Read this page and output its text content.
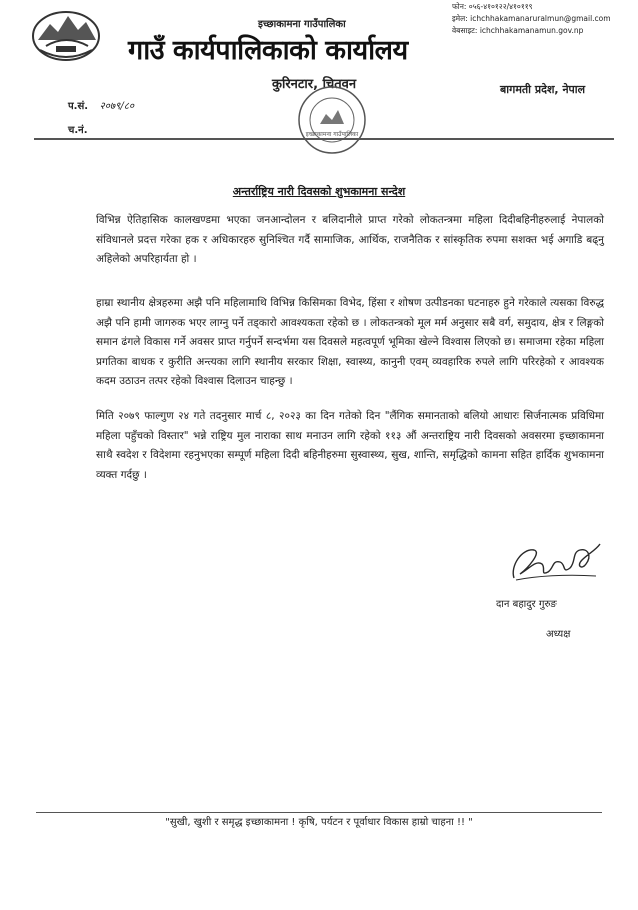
इच्छाकामना गाउँपालिका
गाउँ कार्यपालिकाको कार्यालय
कुरिनटार, चितवन	बागमती प्रदेश, नेपाल
फोन: ०५६-४१०१२२/४१०११९
इमेल: ichchhakamanaruralmun@gmail.com
वेबसाइट: ichchhakamanamun.gov.np
इच्छाकामना गाउँपालिका
प.सं. २०७९/८०
च.नं.
अन्तर्राष्ट्रिय नारी दिवसको शुभकामना सन्देश
विभिन्न ऐतिहासिक कालखण्डमा भएका जनआन्दोलन र बलिदानीले प्राप्त गरेको लोकतन्त्रमा महिला दिदीबहिनीहरुलाई नेपालको संविधानले प्रदत्त गरेका हक र अधिकारहरु सुनिश्चित गर्दै सामाजिक, आर्थिक, राजनैतिक र सांस्कृतिक रुपमा सशक्त भई अगाडि बढ्नु अहिलेको अपरिहार्यता हो ।
हाम्रा स्थानीय क्षेत्रहरुमा अझै पनि महिलामाथि विभिन्न किसिमका विभेद, हिंसा र शोषण उत्पीडनका घटनाहरु हुने गरेकाले त्यसका विरुद्ध अझै पनि हामी जागरुक भएर लाग्नु पर्ने तड्कारो आवश्यकता रहेको छ । लोकतन्त्रको मूल मर्म अनुसार सबै वर्ग, समुदाय, क्षेत्र र लिङ्गको समान ढंगले विकास गर्ने अवसर प्राप्त गर्नुपर्ने सन्दर्भमा यस दिवसले महत्वपूर्ण भूमिका खेल्ने विश्वास लिएको छ। समाजमा रहेका महिला प्रगतिका बाधक र कुरीति अन्त्यका लागि स्थानीय सरकार शिक्षा, स्वास्थ्य, कानुनी एवम् व्यवहारिक रुपले लागि परिरहेको र आवश्यक कदम उठाउन तत्पर रहेको विश्वास दिलाउन चाहन्छु ।
मिति २०७९ फाल्गुण २४ गते तदनुसार मार्च ८, २०२३ का दिन गतेको दिन "लैंगिक समानताको बलियो आधारः सिर्जनात्मक प्रविधिमा महिला पहुँचको विस्तार" भन्ने राष्ट्रिय मुल नाराका साथ मनाउन लागि रहेको ११३ औं अन्तराष्ट्रिय नारी दिवसको अवसरमा इच्छाकामना साथै स्वदेश र विदेशमा रहनुभएका सम्पूर्ण महिला दिदी बहिनीहरुमा सुस्वास्थ्य, सुख, शान्ति, समृद्धिको कामना सहित हार्दिक शुभकामना व्यक्त गर्दछु ।
दान बहादुर गुरुङ
अध्यक्ष
"सुखी, खुशी र समृद्ध इच्छाकामना ! कृषि, पर्यटन र पूर्वाधार विकास हाम्रो चाहना !! "
